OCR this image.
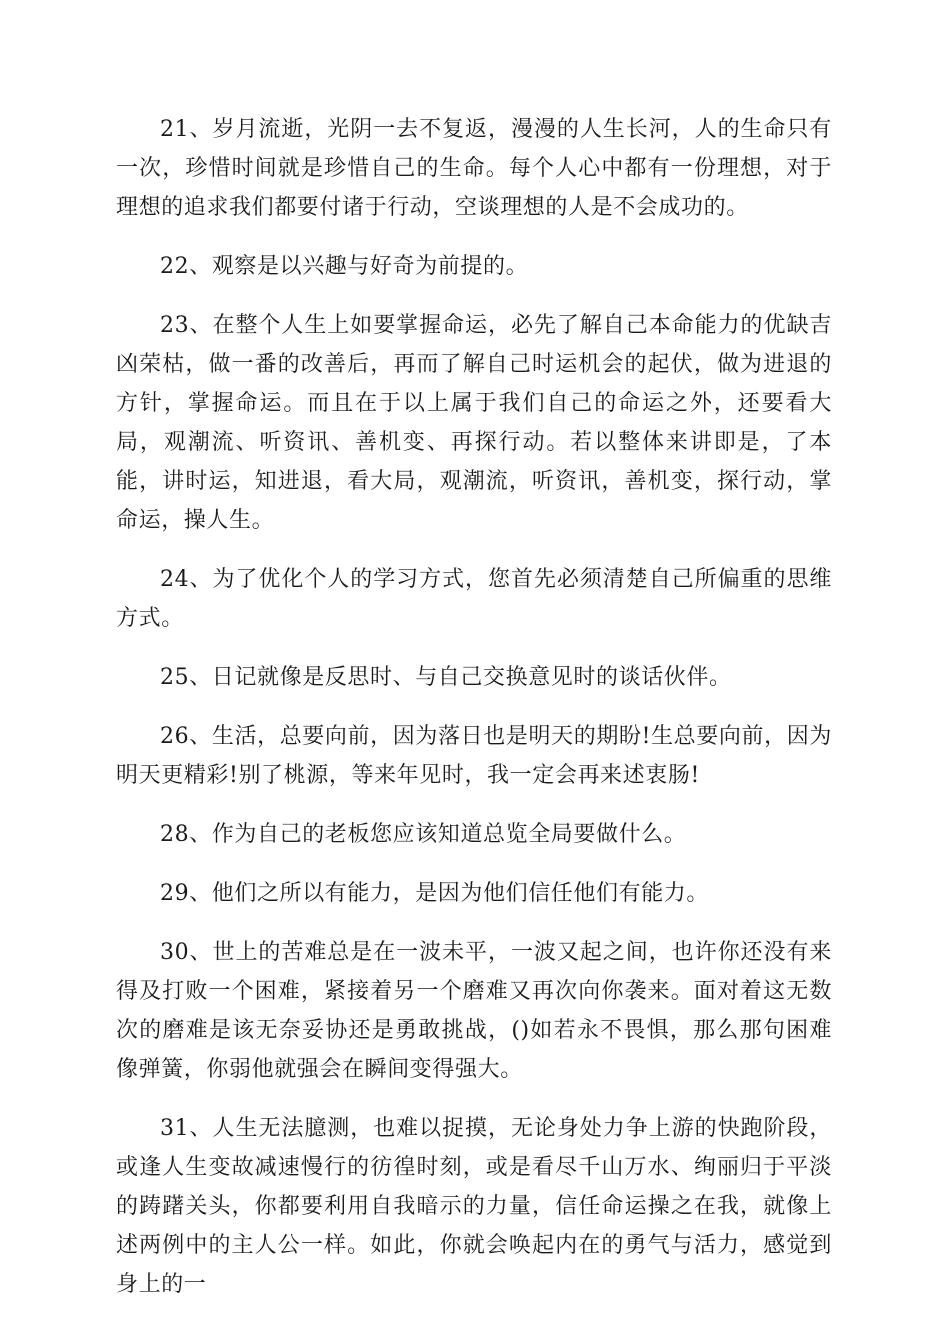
21、岁月流逝，光阴一去不复返，漫漫的人生长河，人的生命只有一次，珍惜时间就是珍惜自己的生命。每个人心中都有一份理想，对于理想的追求我们都要付诸于行动，空谈理想的人是不会成功的。

22、观察是以兴趣与好奇为前提的。

23、在整个人生上如要掌握命运，必先了解自己本命能力的优缺吉凶荣枯，做一番的改善后，再而了解自己时运机会的起伏，做为进退的方针，掌握命运。而且在于以上属于我们自己的命运之外，还要看大局，观潮流、听资讯、善机变、再探行动。若以整体来讲即是，了本能，讲时运，知进退，看大局，观潮流，听资讯，善机变，探行动，掌命运，操人生。

24、为了优化个人的学习方式，您首先必须清楚自己所偏重的思维方式。

25、日记就像是反思时、与自己交换意见时的谈话伙伴。

26、生活，总要向前，因为落日也是明天的期盼!生总要向前，因为明天更精彩!别了桃源，等来年见时，我一定会再来述衷肠!

28、作为自己的老板您应该知道总览全局要做什么。

29、他们之所以有能力，是因为他们信任他们有能力。

30、世上的苦难总是在一波未平，一波又起之间，也许你还没有来得及打败一个困难，紧接着另一个磨难又再次向你袭来。面对着这无数次的磨难是该无奈妥协还是勇敢挑战，()如若永不畏惧，那么那句困难像弹簧，你弱他就强会在瞬间变得强大。

31、人生无法臆测，也难以捉摸，无论身处力争上游的快跑阶段，或逢人生变故减速慢行的彷徨时刻，或是看尽千山万水、绚丽归于平淡的踌躇关头，你都要利用自我暗示的力量，信任命运操之在我，就像上述两例中的主人公一样。如此，你就会唤起内在的勇气与活力，感觉到身上的一
